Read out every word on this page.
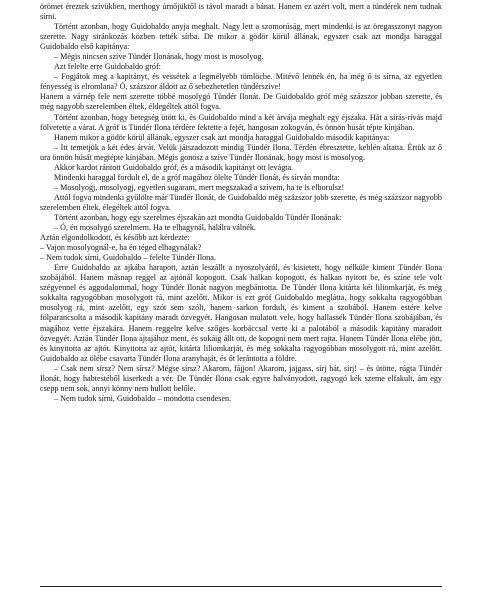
örömet éreztek szívükben, merthogy úrnőjüktől is távol maradt a bánat. Hanem ez azért volt, mert a tündérek nem tudnak sírni.

Történt azonban, hogy Guidobaldo anyja meghalt. Nagy lett a szomorúság, mert mindenki is az öregasszonyt nagyon szerette. Nagy siránkozás közben tették sírba. De mikor a gödör körül állának, egyszer csak azt mondja haraggal Guidobaldo első kapitánya:

– Mégis nincsen szíve Tündér Ilonának, hogy most is mosolyog.

Azt felelte erre Guidobaldo gróf:

– Fogjátok meg a kapitányt, és vessétek a legmélyebb tömlöcbe. Mitévő lennék én, ha még ő is sírna, az egyetlen fényesség is elromlana? Ó, százszor áldott az ő sebezhetetlen tündérszíve!

Hanem a várnép fele nem szerette többé mosolygó Tündér Ilonát. De Guidobaldo gróf még százszor jobban szerette, és még nagyobb szerelemben éltek, éldegéltek attól fogva.

Történt azonban, hogy betegség ütött ki, és Guidobaldo mind a két árvája meghalt egy éjszaka. Hát a sírás-rívás majd fölvetette a várat. A gróf is Tündér Ilona térdére fektette a fejét, hangosan zokogván, és önnön húsát tépte kínjában.

Hanem mikor a gödör körül állának, egyszer csak azt mondja haraggal Guidobaldo második kapitánya:

– Itt temetjük a két édes árvát. Velük játszadozott mindig Tündér Ilona. Térdén ébresztette, keblén altatta. Értük az ő ura önnön húsát megtépte kínjában. Mégis gonosz a szíve Tündér Ilonának, hogy most is mosolyog.

Akkor kardot rántott Guidobaldo gróf, és a második kapitányt ott levágta.

Mindenki haraggal fordult el, de a gróf magához ölelte Tündér Ilonát, és sírván mondta:

– Mosolyogj, mosolyogj, egyetlen sugaram, mert megszakad a szívem, ha te is elborulsz!

Attól fogva mindenki gyűlölte már Tündér Ilonát, de Guidobaldo még százszor jobb szerette, és még százszor nagyobb szerelemben éltek, élegéltek attól fogva.

Történt azonban, hogy egy szerelmes éjszakán azt mondta Guidobaldo Tündér Ilonának:

– Ó, én mosolygó szerelmem. Ha te elhagynál, halálra válnék.

Aztán elgondolkodott, és később azt kérdezte:

– Vajon mosolyognál-e, ha én téged elhagynálak?

– Nem tudok sírni, Guidobaldo – felelte Tündér Ilona.

Erre Guidobaldo az ajkába harapott, aztán leszállt a nyoszolyáról, és kisietett, hogy nélküle kiment Tündér Ilona szobájából. Hanem másnap reggel az ajtónál kopogott. Csak halkan kopogott, és halkan nyitott be, és színe tele volt szégyennel és aggodalommal, hogy Tündér Ilonát nagyon megbántotta. De Tündér Ilona kitárta két liliomkarját, és még sokkalta ragyogóbban mosolygott rá, mint azelőtt. Mikor is ezt gróf Guidobaldo meglátta, hogy sokkalta ragyogóbban mosolyog rá, mint azelőtt, egy szót sem szólt, hanem sarkon fordult, és kiment a szobából. Hanem estére kelve fölparancsolta a második kapitány maradt özvegyét. Hangosan mulatott vele, hogy hallassék Tündér Ilona szobájában, és magához vette éjszakára. Hanem reggelre kelve szőges korbáccsal verte ki a palotából a második kapitány maradott özvegyét. Aztán Tündér Ilona ajtajához ment, és sokáig állt ott, de kopogni nem mert rajta. Hanem Tündér Ilona elébe jött, és kinyitotta az ajtót. Kinyitotta az ajtót, kitárta liliomkarját, és még sokkalta ragyogóbban mosolygott rá, mint azelőtt. Guidobaldo az ölébe csavarta Tündér Ilona aranyhaját, és őt lerántotta a földre.

– Csak nem sírsz? Nem sírsz? Mégse sírsz? Akarom, fájjon! Akarom, jajgass, sírj hát, sírj! – és ütötte, rúgta Tündér Ilonát, hogy habtestéből kiserkedt a vér. De Tündér Ilona csak egyre halványodott, ragyogó kék szeme elfakult, ám egy csepp nem sok, annyi könny nem hullott belőle.

– Nem tudok sírni, Guidobaldo – mondotta csendesen.
